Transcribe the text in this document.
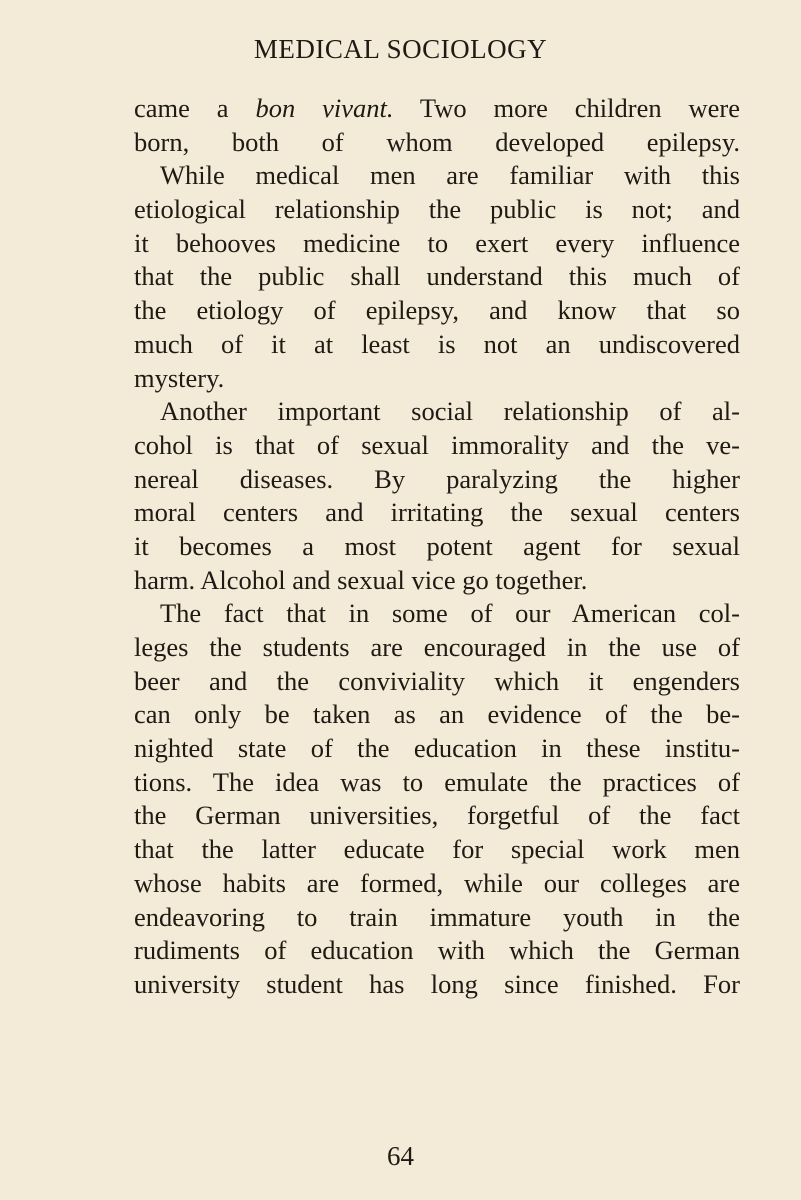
MEDICAL SOCIOLOGY
came a bon vivant. Two more children were
born, both of whom developed epilepsy.
While medical men are familiar with this
etiological relationship the public is not; and
it behooves medicine to exert every influence
that the public shall understand this much of
the etiology of epilepsy, and know that so
much of it at least is not an undiscovered
mystery.
Another important social relationship of al-
cohol is that of sexual immorality and the ve-
nereal diseases. By paralyzing the higher
moral centers and irritating the sexual centers
it becomes a most potent agent for sexual
harm. Alcohol and sexual vice go together.
The fact that in some of our American col-
leges the students are encouraged in the use of
beer and the conviviality which it engenders
can only be taken as an evidence of the be-
nighted state of the education in these institu-
tions. The idea was to emulate the practices of
the German universities, forgetful of the fact
that the latter educate for special work men
whose habits are formed, while our colleges are
endeavoring to train immature youth in the
rudiments of education with which the German
university student has long since finished. For
64
